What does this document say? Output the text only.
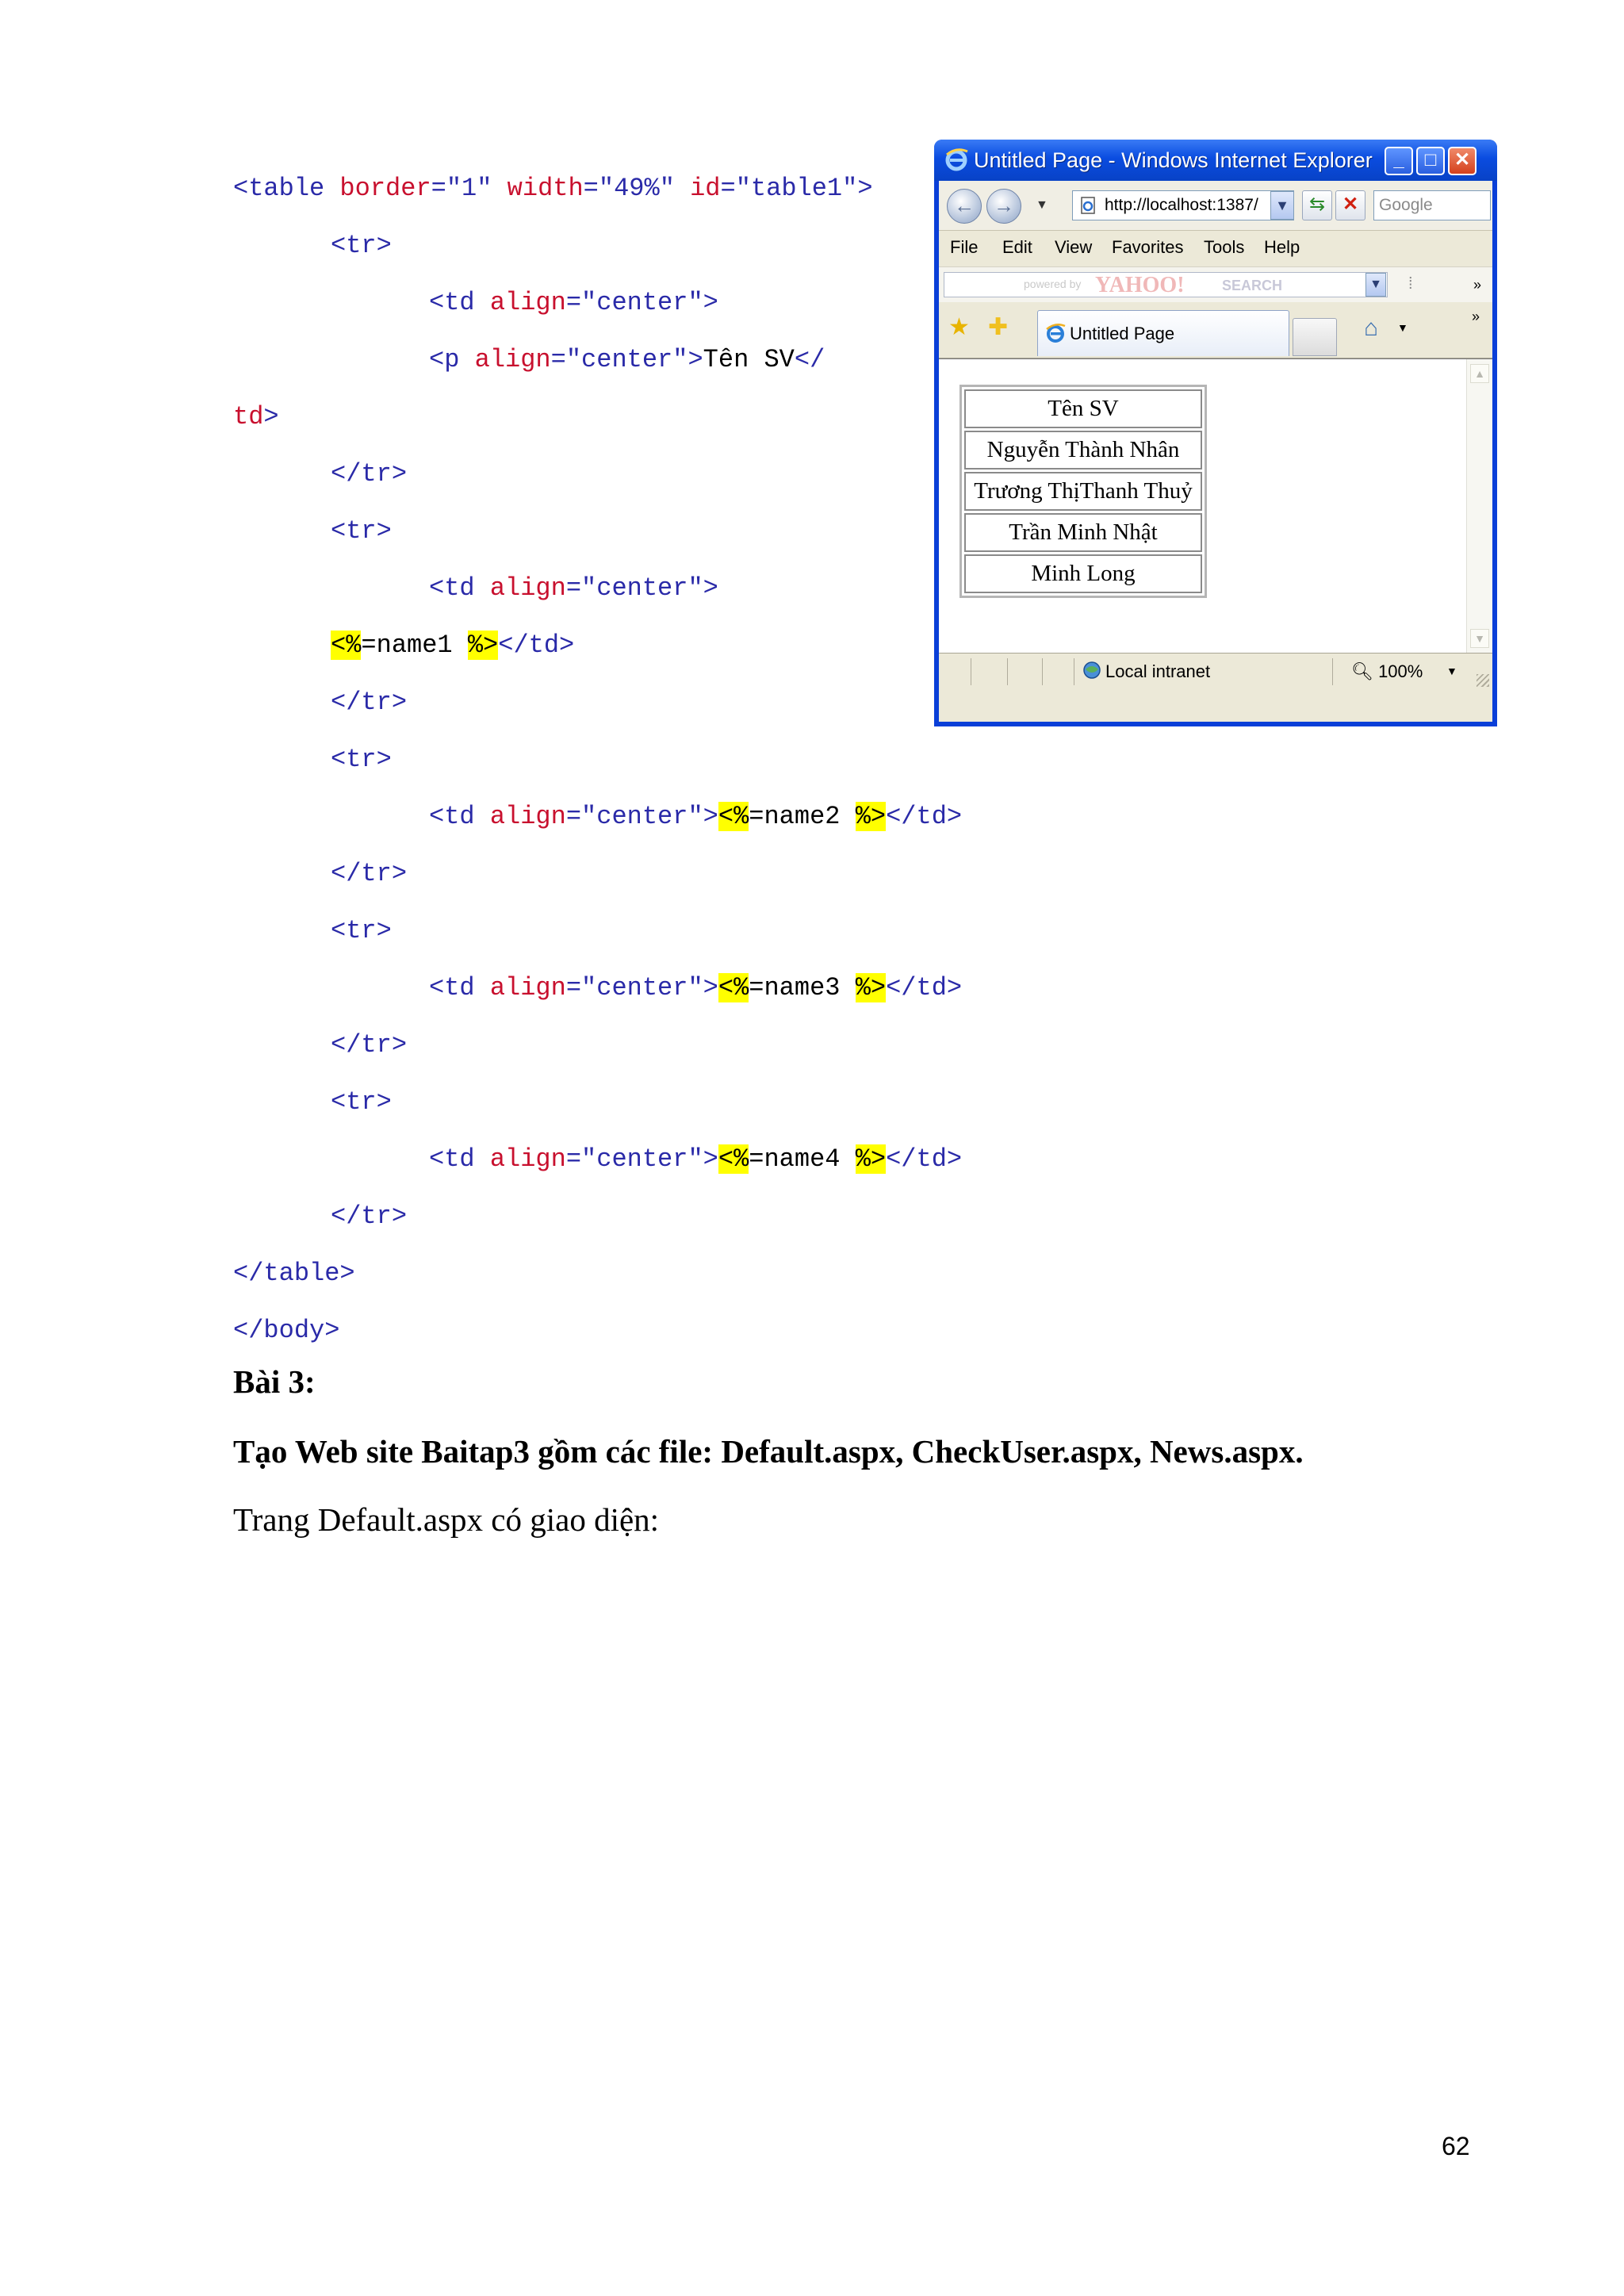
<table border="1" width="49%" id="table1">
<tr>
<td align="center">
<p align="center">Tên SV</
td>
</tr>
<tr>
<td align="center">
<%=name1 %></td>
</tr>
<tr>
<td align="center"><%=name2 %></td>
</tr>
<tr>
<td align="center"><%=name3 %></td>
</tr>
<tr>
<td align="center"><%=name4 %></td>
</tr>
</table>
</body>
Bài 3:
Tạo Web site Baitap3 gồm các file: Default.aspx, CheckUser.aspx, News.aspx.
Trang Default.aspx có giao diện:
62
Untitled Page - Windows Internet Explorer	_	□ ✕
← →	▼	http://localhost:1387/	▼	⇆ ✕	Google
File Edit View Favorites Tools Help
powered by YAHOO!	SEARCH	▼ ⁞	»
★ ✚	Untitled Page	⌂ ▼
»
Tên SV
Nguyễn Thành Nhân
Trương ThịThanh Thuỷ
Trần Minh Nhật
Minh Long
▲
▼
Local intranet	🔍︎ 100% ▼
